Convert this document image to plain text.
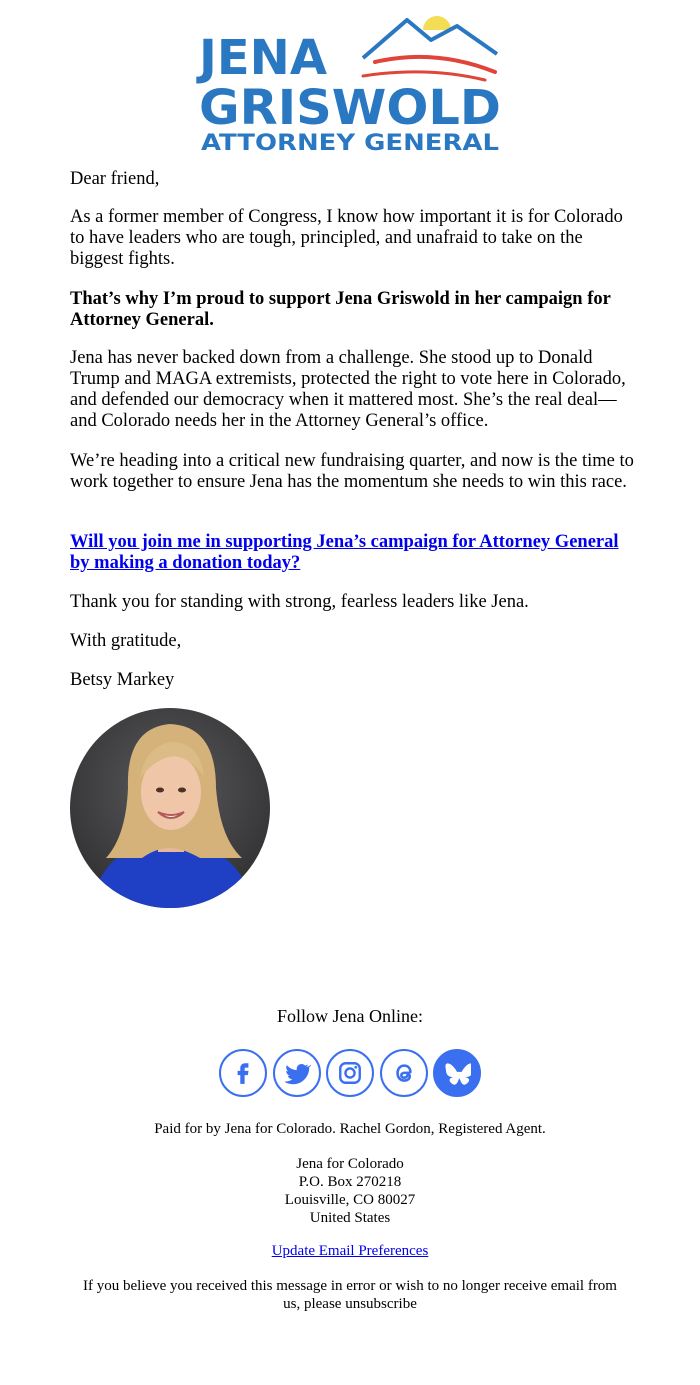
JENA
GRISWOLD
ATTORNEY GENERAL

Dear friend,

As a former member of Congress, I know how important it is for Colorado to have leaders who are tough, principled, and unafraid to take on the biggest fights.

That’s why I’m proud to support Jena Griswold in her campaign for Attorney General.

Jena has never backed down from a challenge. She stood up to Donald Trump and MAGA extremists, protected the right to vote here in Colorado, and defended our democracy when it mattered most. She’s the real deal—and Colorado needs her in the Attorney General’s office.

We’re heading into a critical new fundraising quarter, and now is the time to work together to ensure Jena has the momentum she needs to win this race.

Will you join me in supporting Jena’s campaign for Attorney General by making a donation today?

Thank you for standing with strong, fearless leaders like Jena.

With gratitude,

Betsy Markey

Follow Jena Online:
Paid for by Jena for Colorado. Rachel Gordon, Registered Agent.
Jena for Colorado
P.O. Box 270218
Louisville, CO 80027
United States
Update Email Preferences
If you believe you received this message in error or wish to no longer receive email from us, please unsubscribe
